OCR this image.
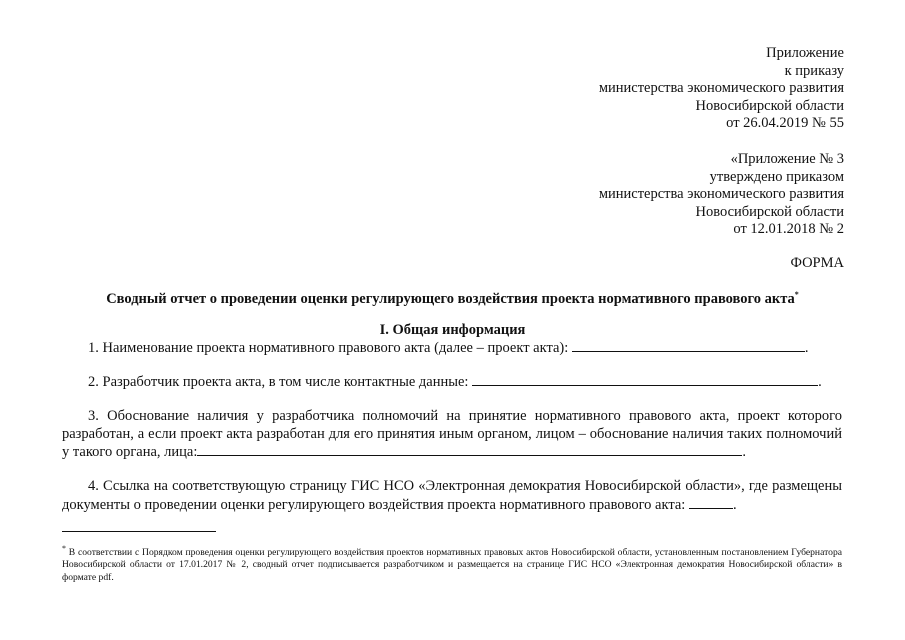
Приложение
к приказу
министерства экономического развития
Новосибирской области
от 26.04.2019 № 55
«Приложение № 3
утверждено приказом
министерства экономического развития
Новосибирской области
от 12.01.2018 № 2
ФОРМА
Сводный отчет о проведении оценки регулирующего воздействия проекта нормативного правового акта*
I. Общая информация
1. Наименование проекта нормативного правового акта (далее – проект акта):	.
2. Разработчик проекта акта, в том числе контактные данные:	.
3. Обоснование наличия у разработчика полномочий на принятие нормативного правового акта, проект которого разработан, а если проект акта разработан для его принятия иным органом, лицом – обоснование наличия таких полномочий у такого органа, лица:	.
4. Ссылка на соответствующую страницу ГИС НСО «Электронная демократия Новосибирской области», где размещены документы о проведении оценки регулирующего воздействия проекта нормативного правового акта:	.
* В соответствии с Порядком проведения оценки регулирующего воздействия проектов нормативных правовых актов Новосибирской области, установленным постановлением Губернатора Новосибирской области от 17.01.2017 № 2, сводный отчет подписывается разработчиком и размещается на странице ГИС НСО «Электронная демократия Новосибирской области» в формате pdf.
